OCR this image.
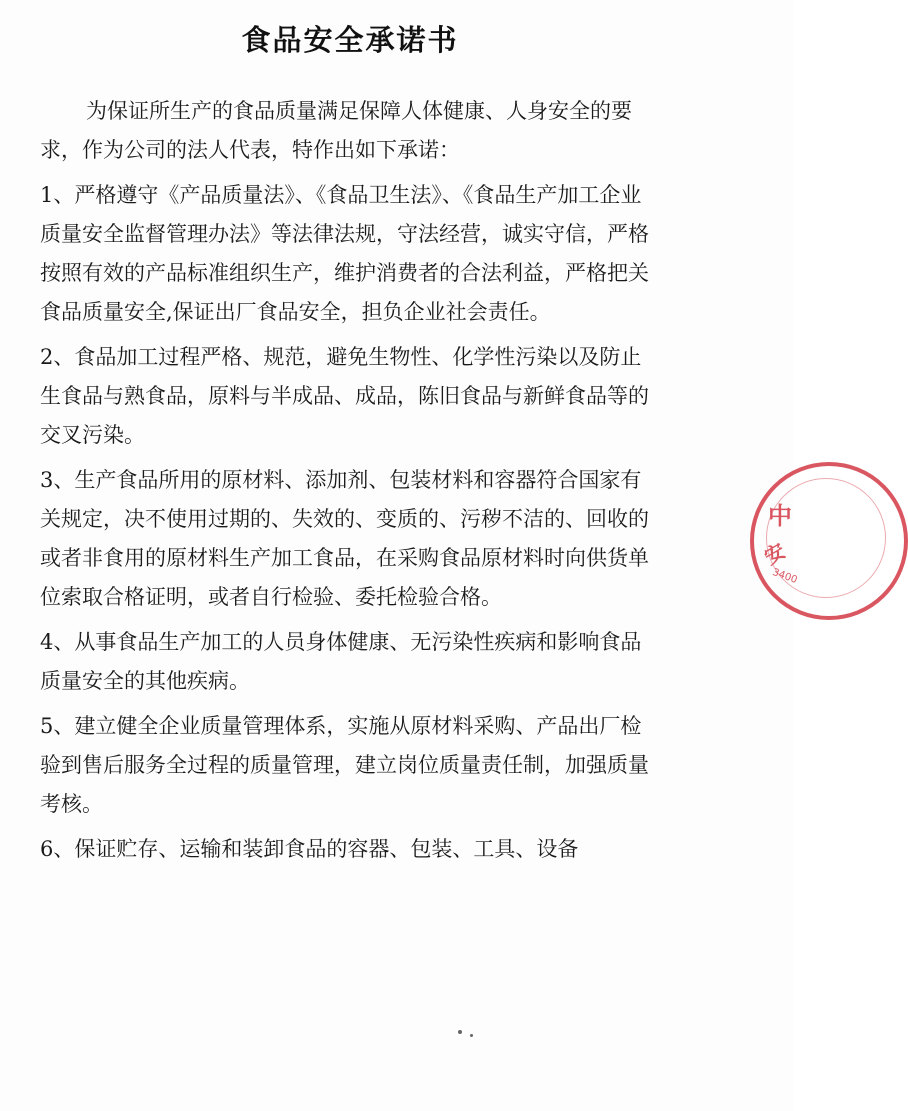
食品安全承诺书

为保证所生产的食品质量满足保障人体健康、人身安全的要求，作为公司的法人代表，特作出如下承诺：

1、严格遵守《产品质量法》、《食品卫生法》、《食品生产加工企业质量安全监督管理办法》等法律法规，守法经营，诚实守信，严格按照有效的产品标准组织生产，维护消费者的合法利益，严格把关食品质量安全,保证出厂食品安全，担负企业社会责任。

2、食品加工过程严格、规范，避免生物性、化学性污染以及防止生食品与熟食品，原料与半成品、成品，陈旧食品与新鲜食品等的交叉污染。

3、生产食品所用的原材料、添加剂、包装材料和容器符合国家有关规定，决不使用过期的、失效的、变质的、污秽不洁的、回收的或者非食用的原材料生产加工食品，在采购食品原材料时向供货单位索取合格证明，或者自行检验、委托检验合格。

4、从事食品生产加工的人员身体健康、无污染性疾病和影响食品质量安全的其他疾病。

5、建立健全企业质量管理体系，实施从原材料采购、产品出厂检验到售后服务全过程的质量管理，建立岗位质量责任制，加强质量考核。

6、保证贮存、运输和装卸食品的容器、包装、工具、设备

中
安
3400
